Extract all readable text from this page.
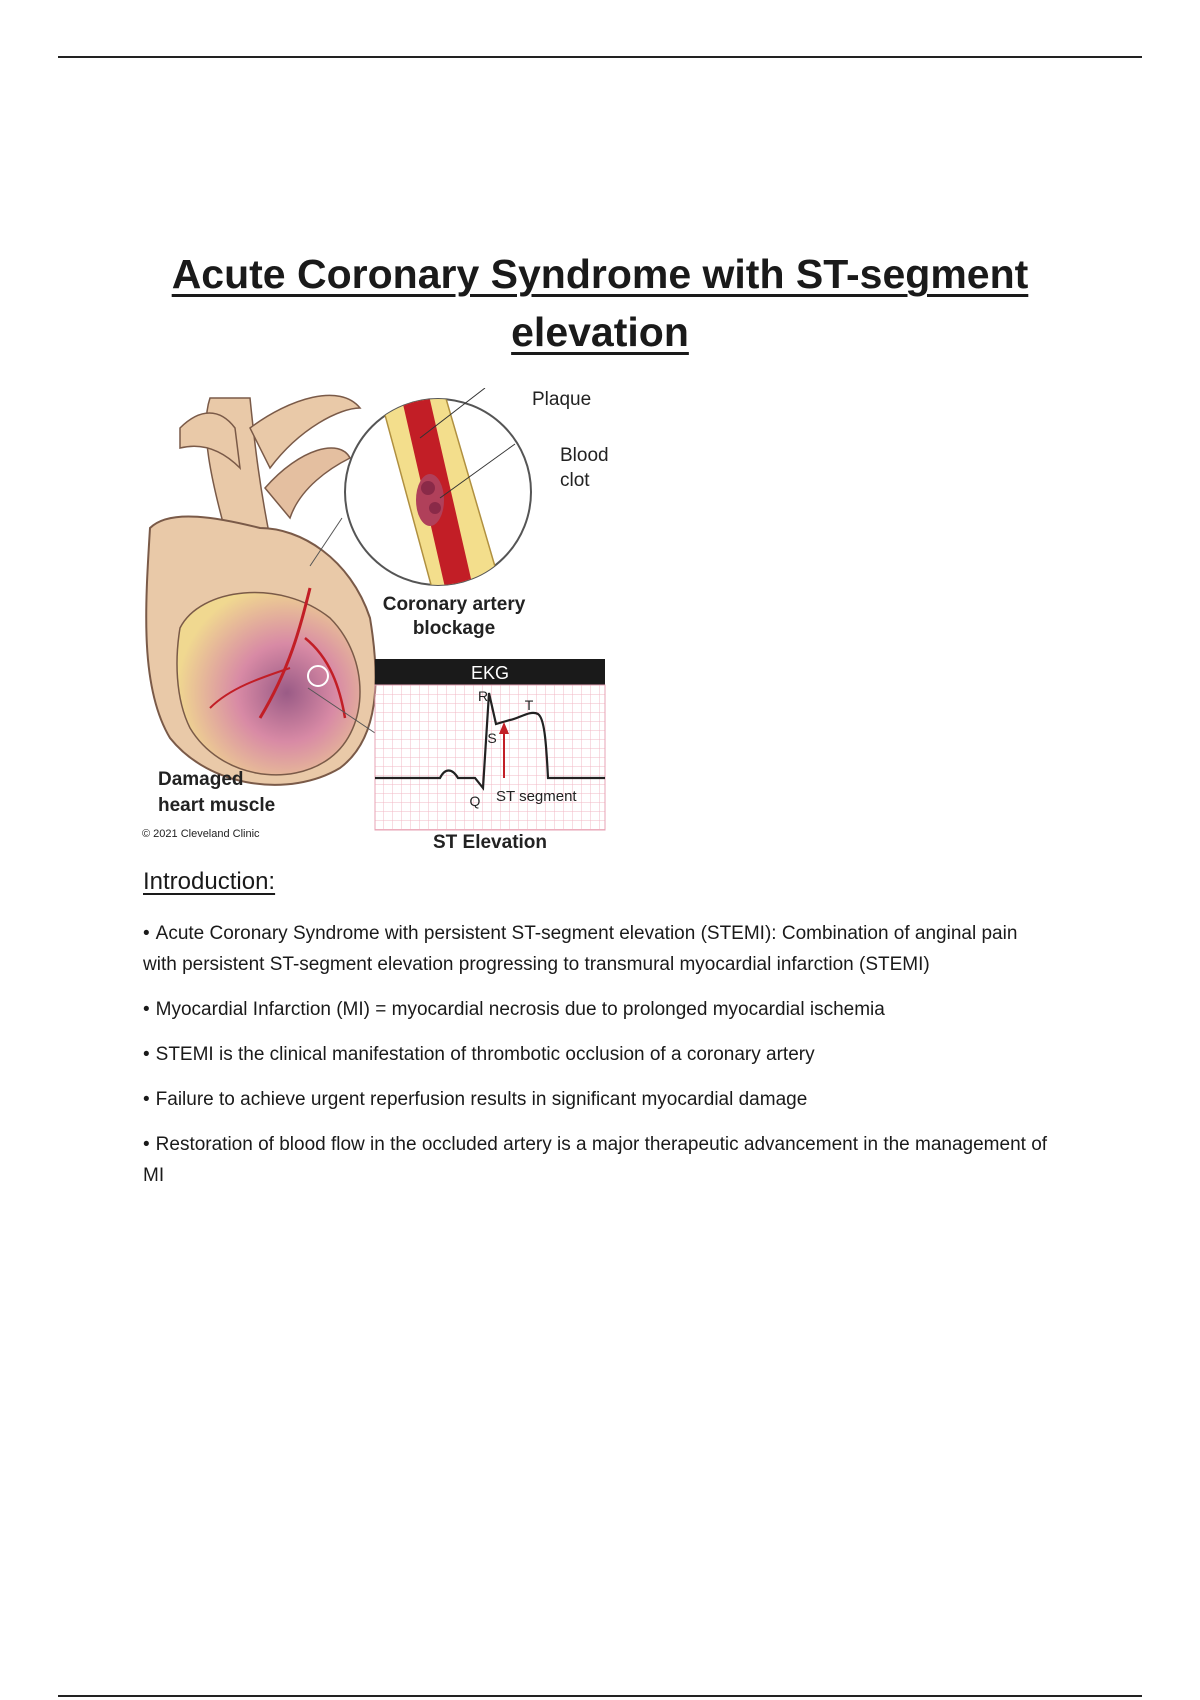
Acute Coronary Syndrome with ST-segment elevation
Plaque
Blood
clot
Coronary artery
blockage
EKG
R
T
S
Q ST segment
ST Elevation
Damaged
heart muscle
© 2021 Cleveland Clinic
Introduction:

• Acute Coronary Syndrome with persistent ST-segment elevation (STEMI): Combination of anginal pain with persistent ST-segment elevation progressing to transmural myocardial infarction (STEMI)

• Myocardial Infarction (MI) = myocardial necrosis due to prolonged myocardial ischemia

• STEMI is the clinical manifestation of thrombotic occlusion of a coronary artery

• Failure to achieve urgent reperfusion results in significant myocardial damage

• Restoration of blood flow in the occluded artery is a major therapeutic advancement in the management of MI
